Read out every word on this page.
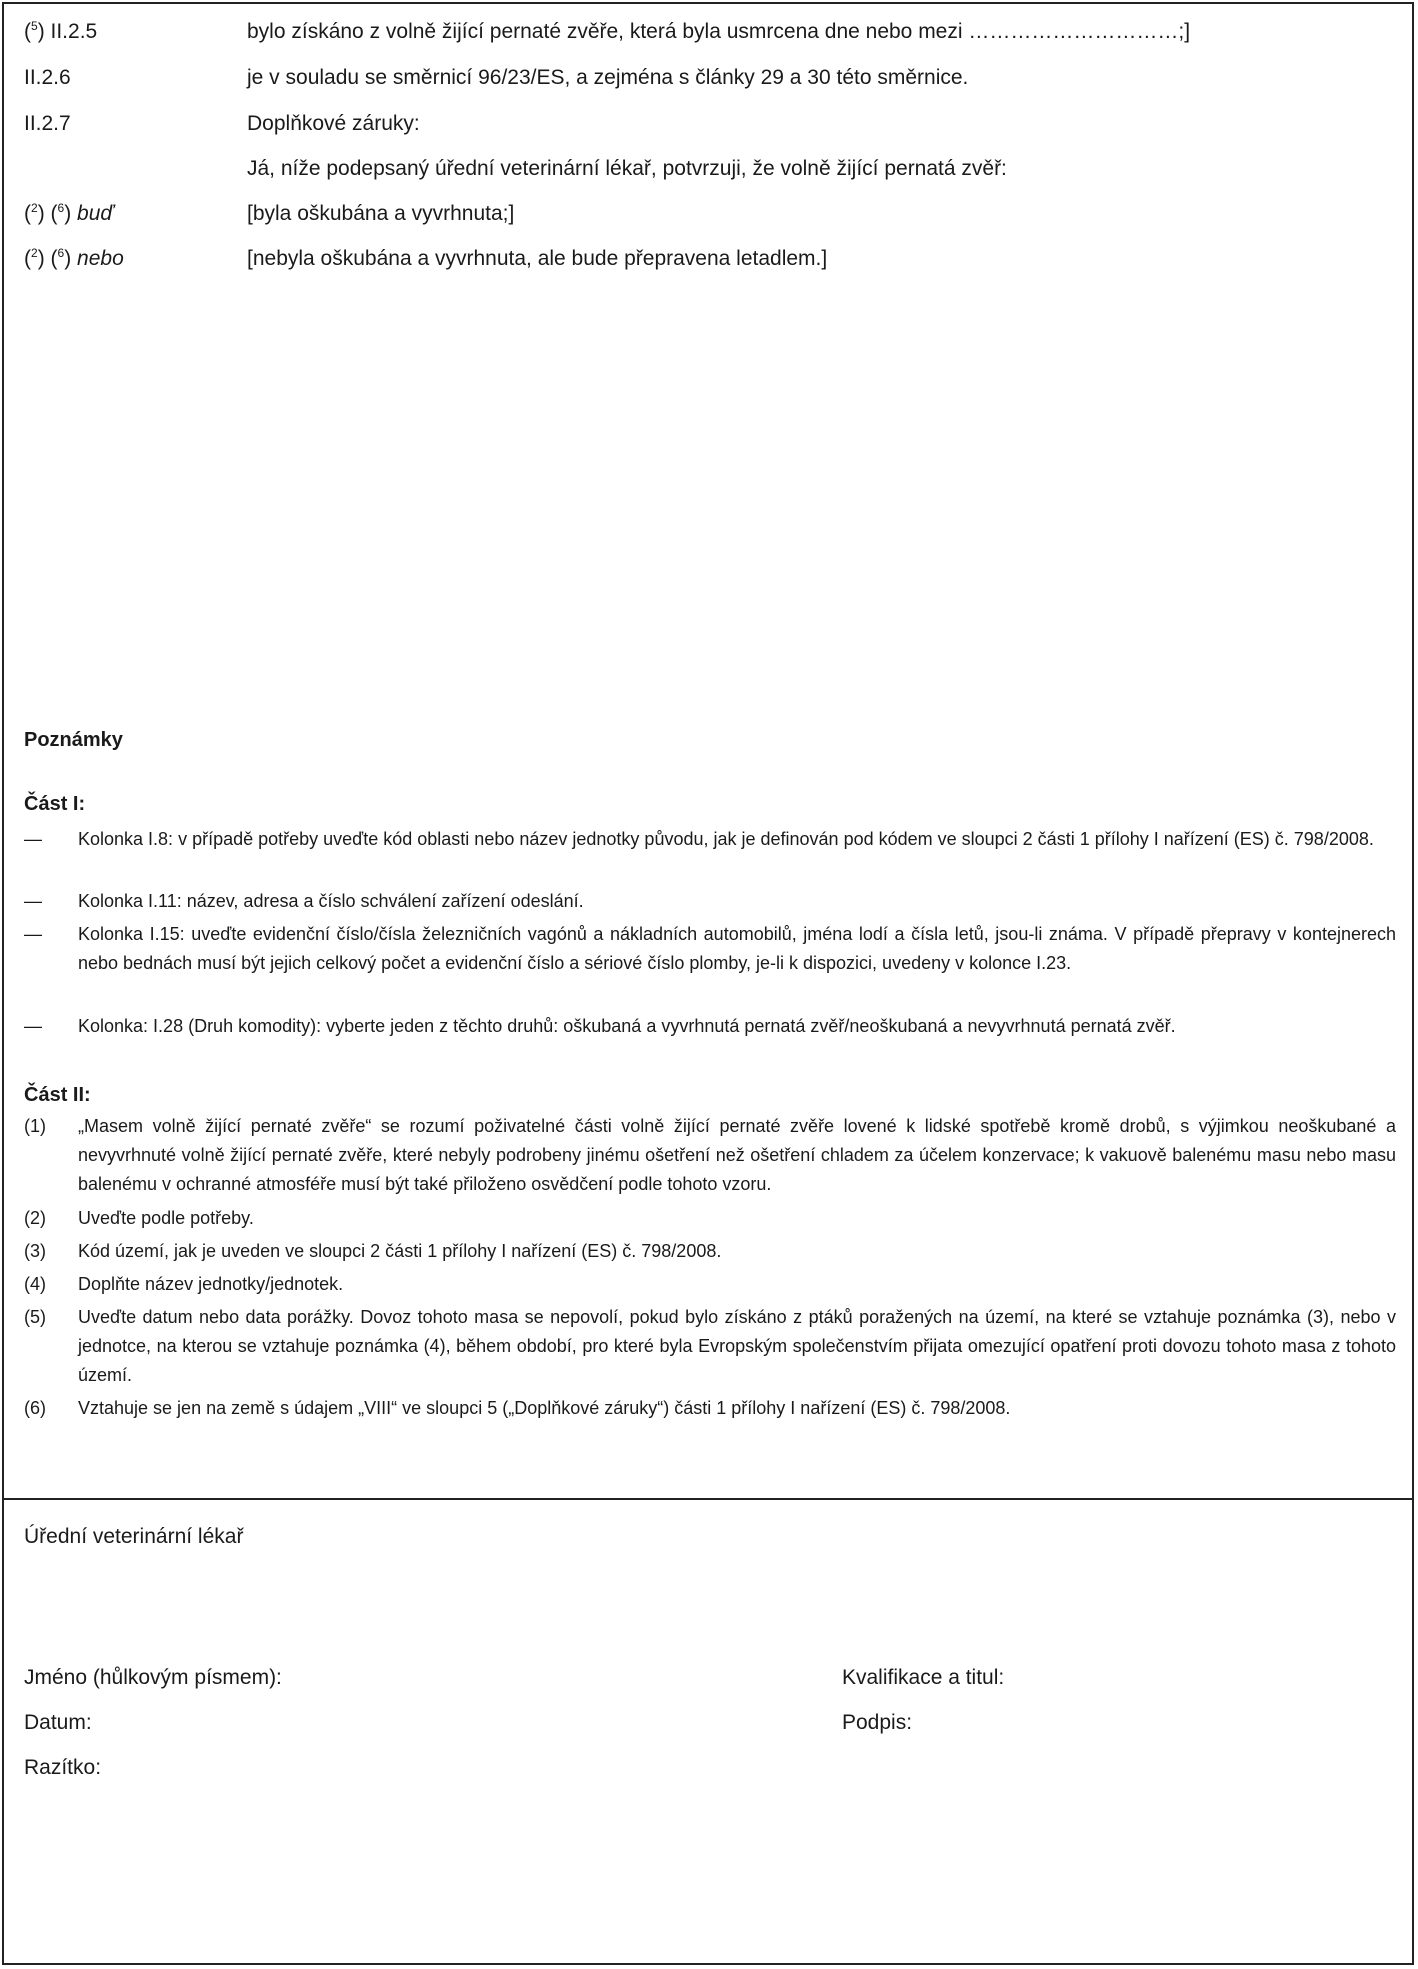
($^5$) II.2.5	bylo získáno z volně žijící pernaté zvěře, která byla usmrcena dne nebo mezi …………………………;]
II.2.6	je v souladu se směrnicí 96/23/ES, a zejména s články 29 a 30 této směrnice.
II.2.7	Doplňkové záruky:
Já, níže podepsaný úřední veterinární lékař, potvrzuji, že volně žijící pernatá zvěř:
($^2$) ($^6$) buď	[byla oškubána a vyvrhnuta;]
($^2$) ($^6$) nebo	[nebyla oškubána a vyvrhnuta, ale bude přepravena letadlem.]
Poznámky
Část I:
— Kolonka I.8: v případě potřeby uveďte kód oblasti nebo název jednotky původu, jak je definován pod kódem ve sloupci 2 části 1 přílohy I nařízení (ES) č. 798/2008.
— Kolonka I.11: název, adresa a číslo schválení zařízení odeslání.
— Kolonka I.15: uveďte evidenční číslo/čísla železničních vagónů a nákladních automobilů, jména lodí a čísla letů, jsou-li známa. V případě přepravy v kontejnerech nebo bednách musí být jejich celkový počet a evidenční číslo a sériové číslo plomby, je-li k dispozici, uvedeny v kolonce I.23.
— Kolonka: I.28 (Druh komodity): vyberte jeden z těchto druhů: oškubaná a vyvrhnutá pernatá zvěř/neoškubaná a nevyvrhnutá pernatá zvěř.
Část II:
(1) „Masem volně žijící pernaté zvěře“ se rozumí poživatelné části volně žijící pernaté zvěře lovené k lidské spotřebě kromě drobů, s výjimkou neoškubané a nevyvrhnuté volně žijící pernaté zvěře, které nebyly podrobeny jinému ošetření než ošetření chladem za účelem konzervace; k vakuově balenému masu nebo masu balenému v ochranné atmosféře musí být také přiloženo osvědčení podle tohoto vzoru.
(2) Uveďte podle potřeby.
(3) Kód území, jak je uveden ve sloupci 2 části 1 přílohy I nařízení (ES) č. 798/2008.
(4) Doplňte název jednotky/jednotek.
(5) Uveďte datum nebo data porážky. Dovoz tohoto masa se nepovolí, pokud bylo získáno z ptáků poražených na území, na které se vztahuje poznámka (3), nebo v jednotce, na kterou se vztahuje poznámka (4), během období, pro které byla Evropským společenstvím přijata omezující opatření proti dovozu tohoto masa z tohoto území.
(6) Vztahuje se jen na země s údajem „VIII“ ve sloupci 5 („Doplňkové záruky“) části 1 přílohy I nařízení (ES) č. 798/2008.
Úřední veterinární lékař
Jméno (hůlkovým písmem):	Kvalifikace a titul:
Datum:	Podpis:
Razítko:
